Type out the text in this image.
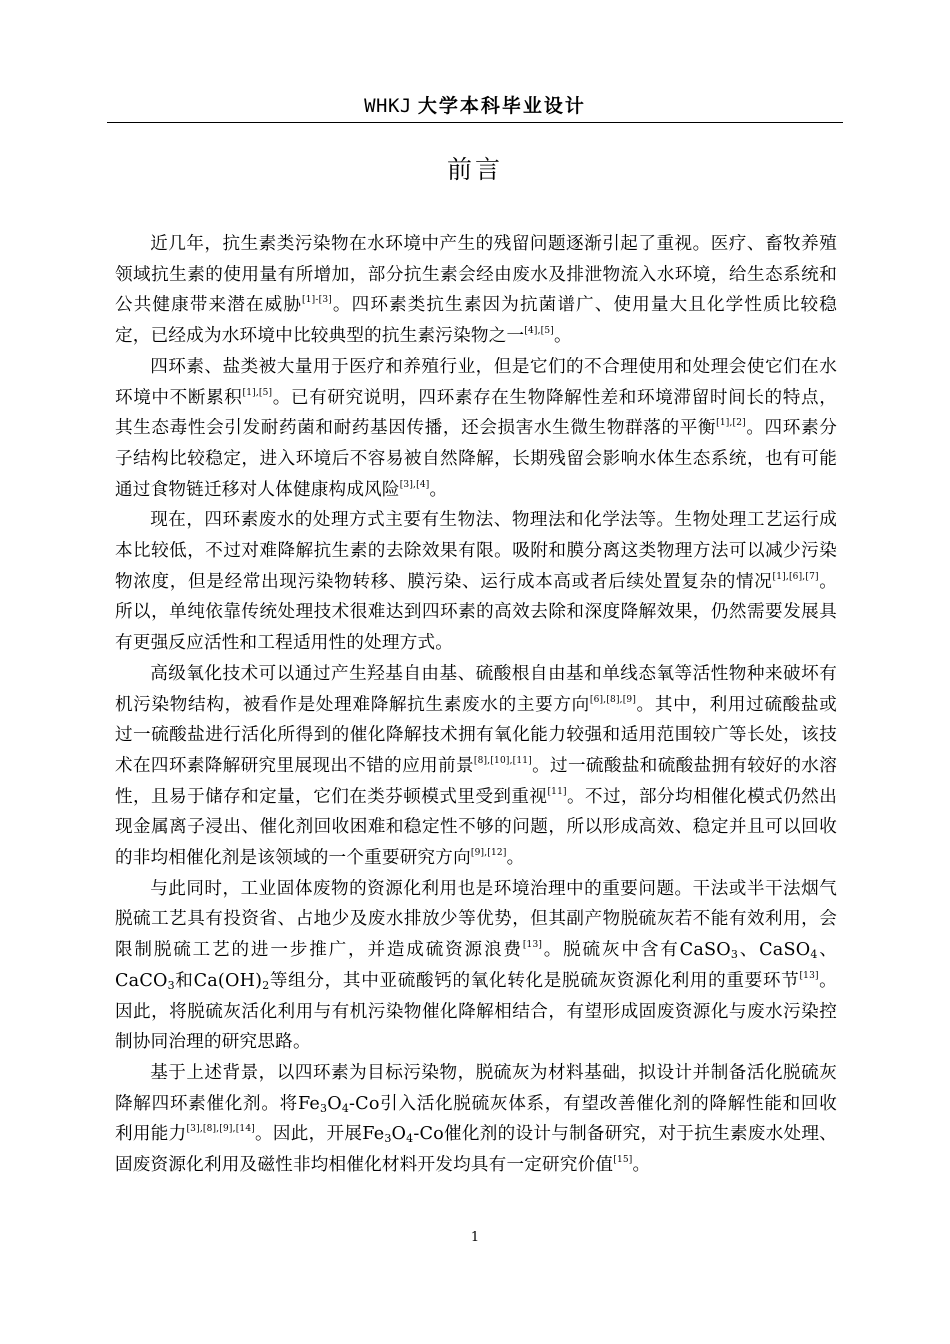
WHKJ 大学本科毕业设计
前言

近几年，抗生素类污染物在水环境中产生的残留问题逐渐引起了重视。医疗、畜牧养殖领域抗生素的使用量有所增加，部分抗生素会经由废水及排泄物流入水环境，给生态系统和公共健康带来潜在威胁[1]-[3]。四环素类抗生素因为抗菌谱广、使用量大且化学性质比较稳定，已经成为水环境中比较典型的抗生素污染物之一[4],[5]。

四环素、盐类被大量用于医疗和养殖行业，但是它们的不合理使用和处理会使它们在水环境中不断累积[1],[5]。已有研究说明，四环素存在生物降解性差和环境滞留时间长的特点，其生态毒性会引发耐药菌和耐药基因传播，还会损害水生微生物群落的平衡[1],[2]。四环素分子结构比较稳定，进入环境后不容易被自然降解，长期残留会影响水体生态系统，也有可能通过食物链迁移对人体健康构成风险[3],[4]。

现在，四环素废水的处理方式主要有生物法、物理法和化学法等。生物处理工艺运行成本比较低，不过对难降解抗生素的去除效果有限。吸附和膜分离这类物理方法可以减少污染物浓度，但是经常出现污染物转移、膜污染、运行成本高或者后续处置复杂的情况[1],[6],[7]。所以，单纯依靠传统处理技术很难达到四环素的高效去除和深度降解效果，仍然需要发展具有更强反应活性和工程适用性的处理方式。

高级氧化技术可以通过产生羟基自由基、硫酸根自由基和单线态氧等活性物种来破坏有机污染物结构，被看作是处理难降解抗生素废水的主要方向[6],[8],[9]。其中，利用过硫酸盐或过一硫酸盐进行活化所得到的催化降解技术拥有氧化能力较强和适用范围较广等长处，该技术在四环素降解研究里展现出不错的应用前景[8],[10],[11]。过一硫酸盐和硫酸盐拥有较好的水溶性，且易于储存和定量，它们在类芬顿模式里受到重视[11]。不过，部分均相催化模式仍然出现金属离子浸出、催化剂回收困难和稳定性不够的问题，所以形成高效、稳定并且可以回收的非均相催化剂是该领域的一个重要研究方向[9],[12]。

与此同时，工业固体废物的资源化利用也是环境治理中的重要问题。干法或半干法烟气脱硫工艺具有投资省、占地少及废水排放少等优势，但其副产物脱硫灰若不能有效利用，会限制脱硫工艺的进一步推广，并造成硫资源浪费[13]。脱硫灰中含有CaSO$_3$、CaSO$_4$、CaCO$_3$和$Ca(OH)_2$等组分，其中亚硫酸钙的氧化转化是脱硫灰资源化利用的重要环节[13]。因此，将脱硫灰活化利用与有机污染物催化降解相结合，有望形成固废资源化与废水污染控制协同治理的研究思路。

基于上述背景，以四环素为目标污染物，脱硫灰为材料基础，拟设计并制备活化脱硫灰降解四环素催化剂。将$Fe_3O_4-Co$引入活化脱硫灰体系，有望改善催化剂的降解性能和回收利用能力[3],[8],[9],[14]。因此，开展$Fe_3O_4-Co$催化剂的设计与制备研究，对于抗生素废水处理、固废资源化利用及磁性非均相催化材料开发均具有一定研究价值[15]。

1
